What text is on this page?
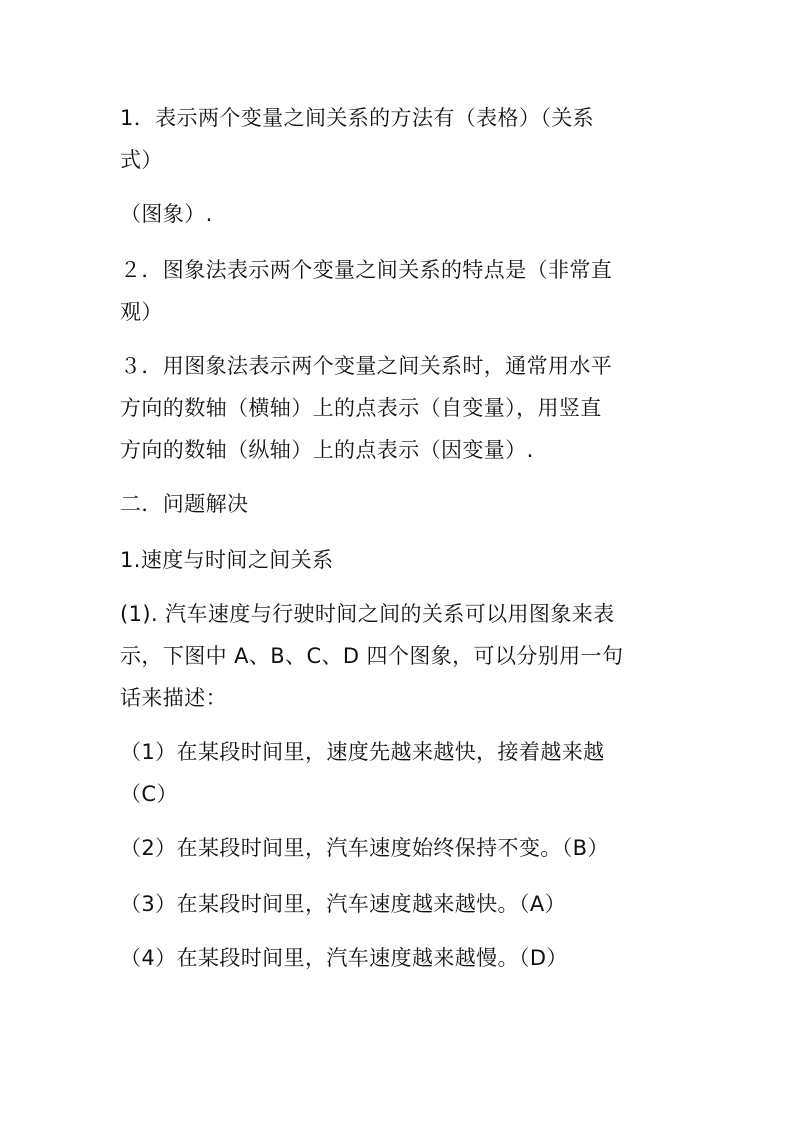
1．表示两个变量之间关系的方法有（表格）（关系
式）
（图象）.
２．图象法表示两个变量之间关系的特点是（非常直
观）
３．用图象法表示两个变量之间关系时，通常用水平
方向的数轴（横轴）上的点表示（自变量），用竖直
方向的数轴（纵轴）上的点表示（因变量）.
二．问题解决
1.速度与时间之间关系
(1). 汽车速度与行驶时间之间的关系可以用图象来表
示，下图中 A、B、C、D 四个图象，可以分别用一句
话来描述：
（1）在某段时间里，速度先越来越快，接着越来越
（C）
（2）在某段时间里，汽车速度始终保持不变。（B）
（3）在某段时间里，汽车速度越来越快。（A）
（4）在某段时间里，汽车速度越来越慢。（D）
